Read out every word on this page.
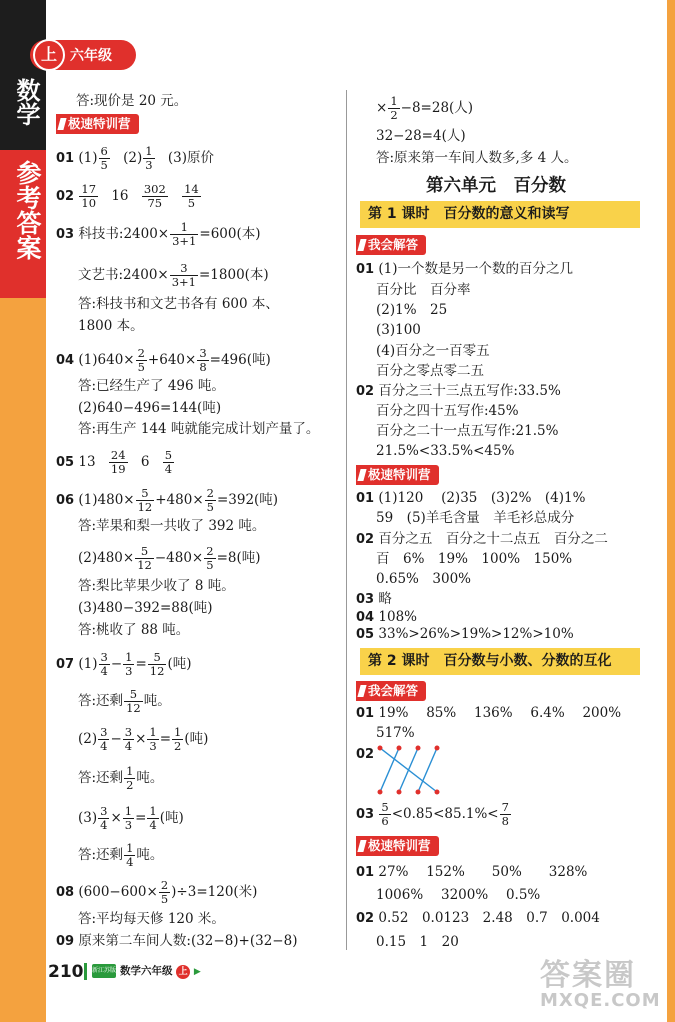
数学
参考答案
上 六年级
答:现价是 20 元。
极速特训营
01 $(1) \frac{6}{5} (2) \frac{1}{3} (3)$原价
$02 \frac{17}{10} 16 \frac{302}{75}$
$\frac{14}{5}$
03 科技书:2400× $\frac{1}{3+1} =600$(本)
文艺书:2400× $\frac{3}{3+1} =1800$(本)
答:科技书和文艺书各有 600 本、
1800 本。
04 $(1)640\times \frac{2}{5} +640\times \frac{3}{8} =496$(吨)
答:已经生产了 496 吨。
(2)640−496=144(吨)
答:再生产 144 吨就能完成计划产量了。
05 $13 \frac{24}{19} 6 \frac{5}{4}$
06 $(1)480\times \frac{5}{12} +480\times \frac{2}{5} =392$(吨)
答:苹果和梨一共收了 392 吨。
$(2)480\times \frac{5}{12} -480\times \frac{2}{5} =8$(吨)
答:梨比苹果少收了 8 吨。
(3)480−392=88(吨)
答:桃收了 88 吨。
07 $(1) \frac{3}{4} - \frac{1}{3} = \frac{5}{12}$ (吨)
答:还剩 $\frac{5}{12}$ 吨。
$(2) \frac{3}{4} - \frac{3}{4} \times \frac{1}{3} = \frac{1}{2}$ (吨)
答:还剩 $\frac{1}{2}$ 吨。
$(3) \frac{3}{4} \times \frac{1}{3} = \frac{1}{4}$ (吨)
答:还剩 $\frac{1}{4}$ 吨。
08 $(600-600\times \frac{2}{5} )\div 3=120$(米)
答:平均每天修 120 米。
09 原来第二车间人数:(32−8)+(32−8)
× $\frac{1}{2} -8=28$(人)
32−28=4(人)
答:原来第一车间人数多,多 4 人。
第六单元　百分数
第 1 课时　百分数的意义和读写
我会解答
01 (1)一个数是另一个数的百分之几
百分比　百分率
(2)1%　25
(3)100
(4)百分之一百零五
百分之零点零二五
02 百分之三十三点五写作:33.5%
百分之四十五写作:45%
百分之二十一点五写作:21.5%
21.5%<33.5%<45%
极速特训营
01 (1)120　 (2)35　(3)2%　(4)1%
59　(5)羊毛含量　羊毛衫总成分
02 百分之五　百分之十二点五　百分之二
百　6%　19%　100%　150%
0.65%　300%
03 略
04 108%
05 33%>26%>19%>12%>10%
第 2 课时　百分数与小数、分数的互化
我会解答
01 19%　 85%　 136%　 6.4%　 200%
517%
02
$03 \frac{5}{6} <0.85<85.1\%< \frac{7}{8}$
极速特训营
01 27%　 152%　　50%　　328%
1006%　 3200%　 0.5%
02 0.52　0.0123　2.48　0.7　0.004
0.15　1　20
210 新江苏版 数学六年级 上 ▶	答案圈
MXQE.COM
